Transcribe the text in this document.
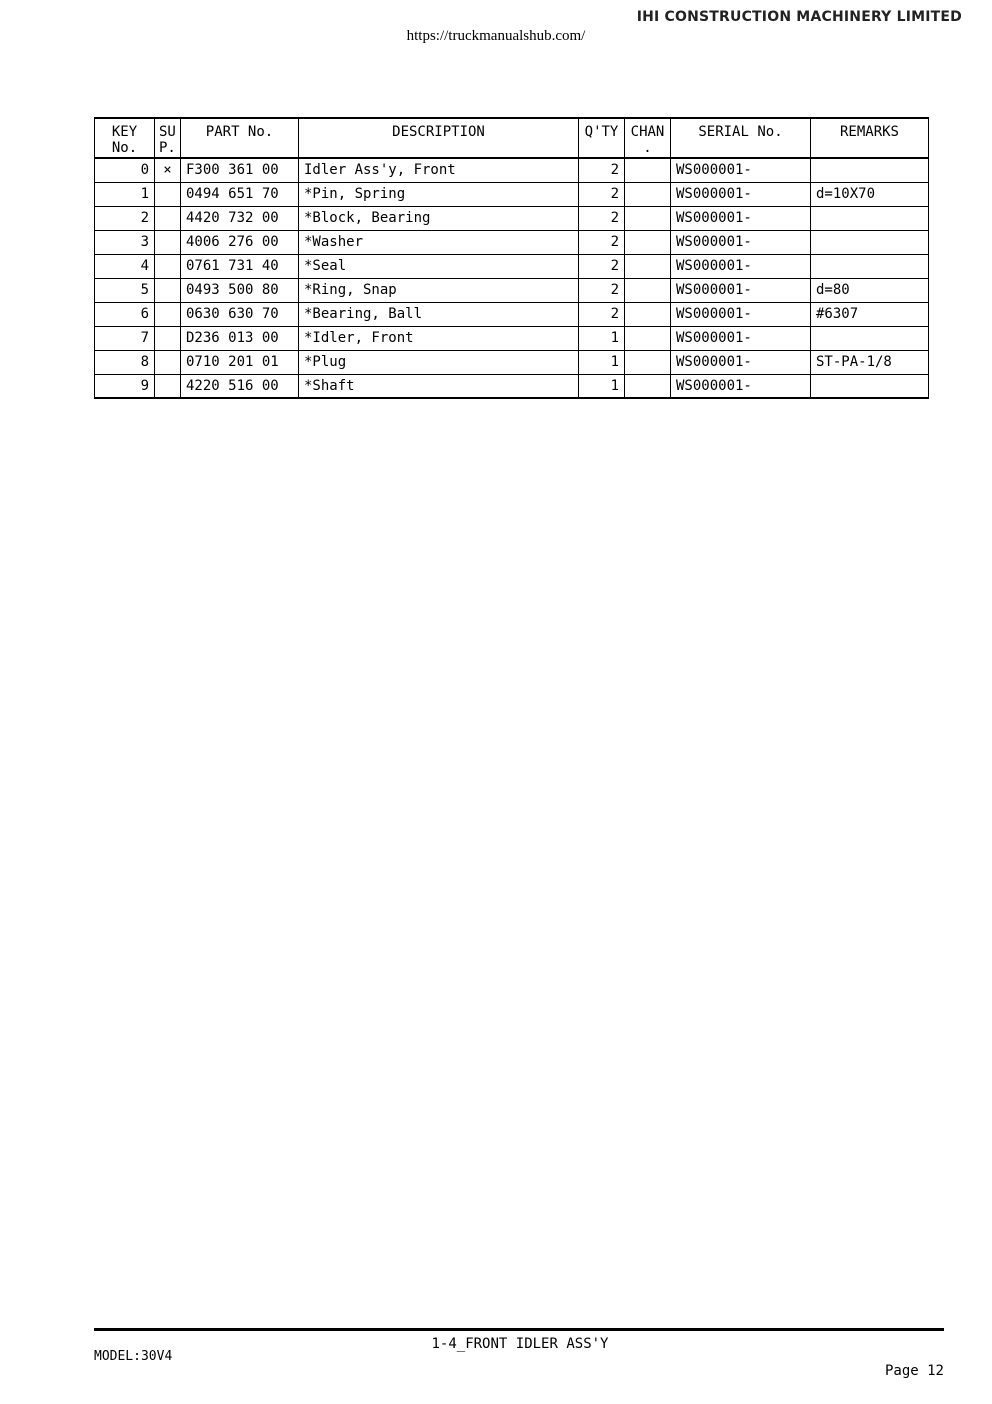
IHI CONSTRUCTION MACHINERY LIMITED
https://truckmanualshub.com/
KEY No.	SU P.	PART No.	DESCRIPTION	Q'TY	CHAN .	SERIAL No.	REMARKS
0	×	F300 361 00	Idler Ass'y, Front	2		WS000001-	
1		0494 651 70	*Pin, Spring	2		WS000001-	d=10X70
2		4420 732 00	*Block, Bearing	2		WS000001-	
3		4006 276 00	*Washer	2		WS000001-	
4		0761 731 40	*Seal	2		WS000001-	
5		0493 500 80	*Ring, Snap	2		WS000001-	d=80
6		0630 630 70	*Bearing, Ball	2		WS000001-	#6307
7		D236 013 00	*Idler, Front	1		WS000001-	
8		0710 201 01	*Plug	1		WS000001-	ST-PA-1/8
9		4220 516 00	*Shaft	1		WS000001-	
1-4_FRONT IDLER ASS'Y
MODEL:30V4
Page 12
